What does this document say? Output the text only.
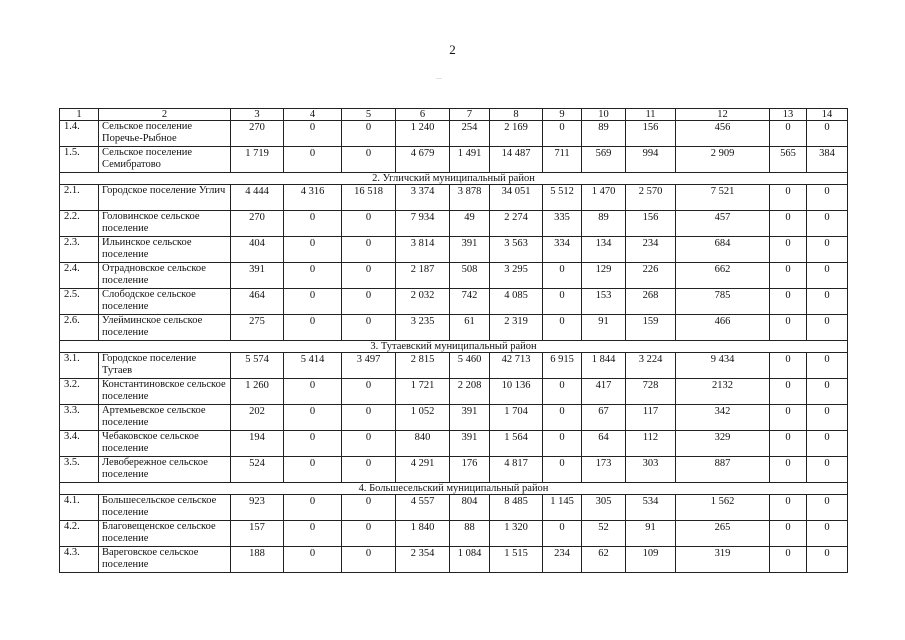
2
—
1	2	3	4	5	6	7	8	9	10	11	12	13	14
1.4.	Сельское поселение Поречье-Рыбное	270	0	0	1 240	254	2 169	0	89	156	456	0	0
1.5.	Сельское поселение Семибратово	1 719	0	0	4 679	1 491	14 487	711	569	994	2 909	565	384
2. Угличский муниципальный район													
2.1.	Городское поселение Углич	4 444	4 316	16 518	3 374	3 878	34 051	5 512	1 470	2 570	7 521	0	0
2.2.	Головинское сельское поселение	270	0	0	7 934	49	2 274	335	89	156	457	0	0
2.3.	Ильинское сельское поселение	404	0	0	3 814	391	3 563	334	134	234	684	0	0
2.4.	Отрадновское сельское поселение	391	0	0	2 187	508	3 295	0	129	226	662	0	0
2.5.	Слободское сельское поселение	464	0	0	2 032	742	4 085	0	153	268	785	0	0
2.6.	Улейминское сельское поселение	275	0	0	3 235	61	2 319	0	91	159	466	0	0
3. Тутаевский муниципальный район													
3.1.	Городское поселение Тутаев	5 574	5 414	3 497	2 815	5 460	42 713	6 915	1 844	3 224	9 434	0	0
3.2.	Константиновское сельское поселение	1 260	0	0	1 721	2 208	10 136	0	417	728	2132	0	0
3.3.	Артемьевское сельское поселение	202	0	0	1 052	391	1 704	0	67	117	342	0	0
3.4.	Чебаковское сельское поселение	194	0	0	840	391	1 564	0	64	112	329	0	0
3.5.	Левобережное сельское поселение	524	0	0	4 291	176	4 817	0	173	303	887	0	0
4. Большесельский муниципальный район													
4.1.	Большесельское сельское поселение	923	0	0	4 557	804	8 485	1 145	305	534	1 562	0	0
4.2.	Благовещенское сельское поселение	157	0	0	1 840	88	1 320	0	52	91	265	0	0
4.3.	Вареговское сельское поселение	188	0	0	2 354	1 084	1 515	234	62	109	319	0	0
